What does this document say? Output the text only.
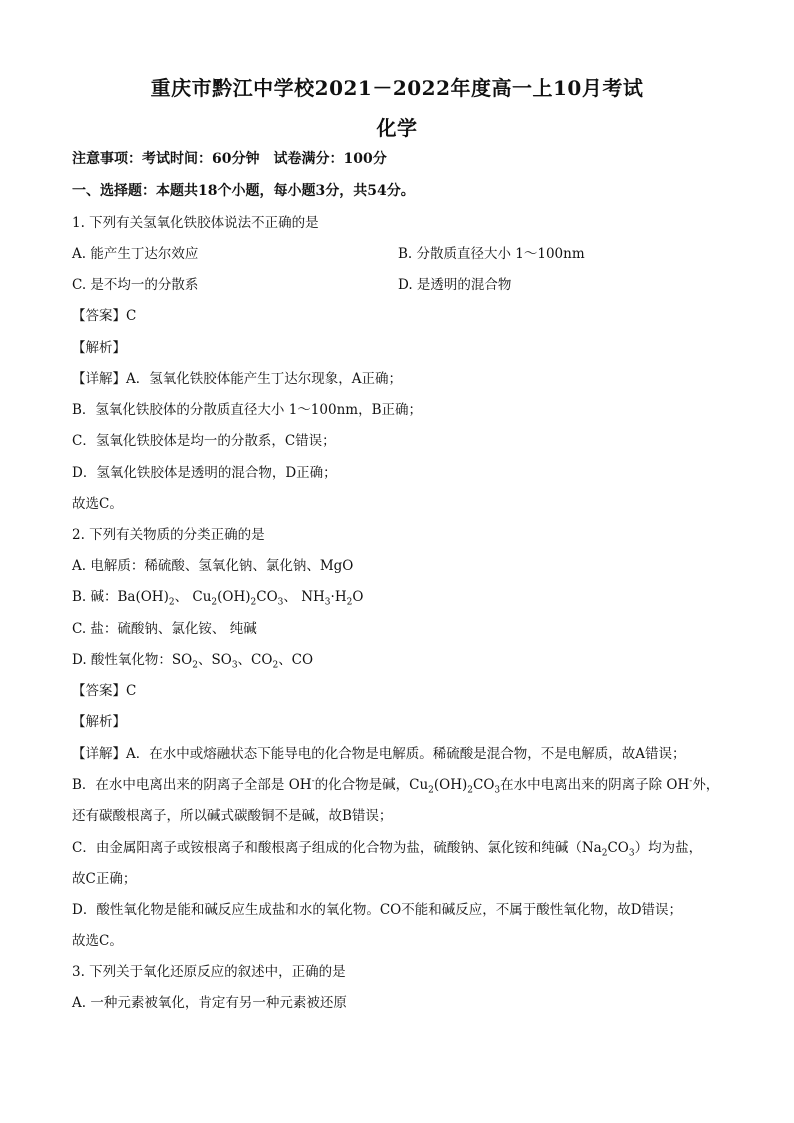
重庆市黔江中学校2021－2022年度高一上10月考试
化学
注意事项：考试时间：60分钟　试卷满分：100分
一、选择题：本题共18个小题，每小题3分，共54分。
1. 下列有关氢氧化铁胶体说法不正确的是
A. 能产生丁达尔效应	B. 分散质直径大小 1～100nm
C. 是不均一的分散系	D. 是透明的混合物
【答案】C
【解析】
【详解】A．氢氧化铁胶体能产生丁达尔现象，A正确；
B．氢氧化铁胶体的分散质直径大小 1～100nm，B正确；
C．氢氧化铁胶体是均一的分散系，C错误；
D．氢氧化铁胶体是透明的混合物，D正确；
故选C。
2. 下列有关物质的分类正确的是
A. 电解质：稀硫酸、氢氧化钠、氯化钠、MgO
B. 碱：$Ba(OH)_2$、 $Cu_2(OH)_2CO_3$、 $NH_3\cdot H_2O$
C. 盐：硫酸钠、氯化铵、 纯碱
D. 酸性氧化物：$SO_2$、$SO_3$、$CO_2$、CO
【答案】C
【解析】
【详解】A．在水中或熔融状态下能导电的化合物是电解质。稀硫酸是混合物，不是电解质，故A错误；
B．在水中电离出来的阴离子全部是 OH-的化合物是碱，$Cu_2(OH)_2CO_3$在水中电离出来的阴离子除 OH-外，
还有碳酸根离子，所以碱式碳酸铜不是碱，故B错误；
C．由金属阳离子或铵根离子和酸根离子组成的化合物为盐，硫酸钠、氯化铵和纯碱$(Na_2CO_3)$均为盐，
故C正确；
D．酸性氧化物是能和碱反应生成盐和水的氧化物。CO不能和碱反应，不属于酸性氧化物，故D错误；
故选C。
3. 下列关于氧化还原反应的叙述中，正确的是
A. 一种元素被氧化，肯定有另一种元素被还原
